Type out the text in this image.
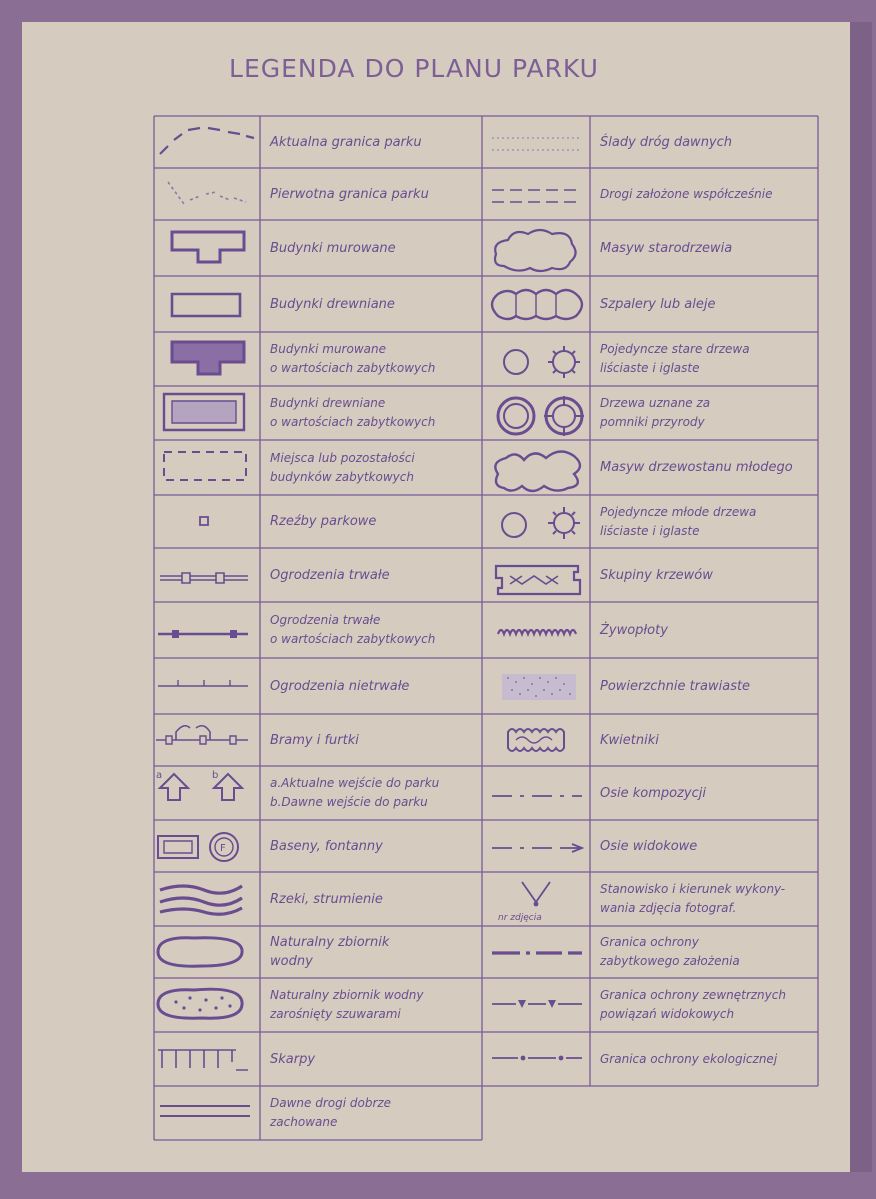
LEGENDA DO PLANU PARKU
a	b
F
nr zdjęcia
Aktualna granica parku
Pierwotna granica parku
Budynki murowane
Budynki drewniane
Budynki murowane
o wartościach zabytkowych
Budynki drewniane
o wartościach zabytkowych
Miejsca lub pozostałości
budynków zabytkowych
Rzeźby parkowe
Ogrodzenia trwałe
Ogrodzenia trwałe
o wartościach zabytkowych
Ogrodzenia nietrwałe
Bramy i furtki
a.Aktualne wejście do parku
b.Dawne wejście do parku
Baseny, fontanny
Rzeki, strumienie
Naturalny zbiornik
wodny
Naturalny zbiornik wodny
zarośnięty szuwarami
Skarpy
Dawne drogi dobrze
zachowane
Ślady dróg dawnych
Drogi założone współcześnie
Masyw starodrzewia
Szpalery lub aleje
Pojedyncze stare drzewa
liściaste i iglaste
Drzewa uznane za
pomniki przyrody
Masyw drzewostanu młodego
Pojedyncze młode drzewa
liściaste i iglaste
Skupiny krzewów
Żywopłoty
Powierzchnie trawiaste
Kwietniki
Osie kompozycji
Osie widokowe
Stanowisko i kierunek wykony-
wania zdjęcia fotograf.
Granica ochrony
zabytkowego założenia
Granica ochrony zewnętrznych
powiązań widokowych
Granica ochrony ekologicznej
